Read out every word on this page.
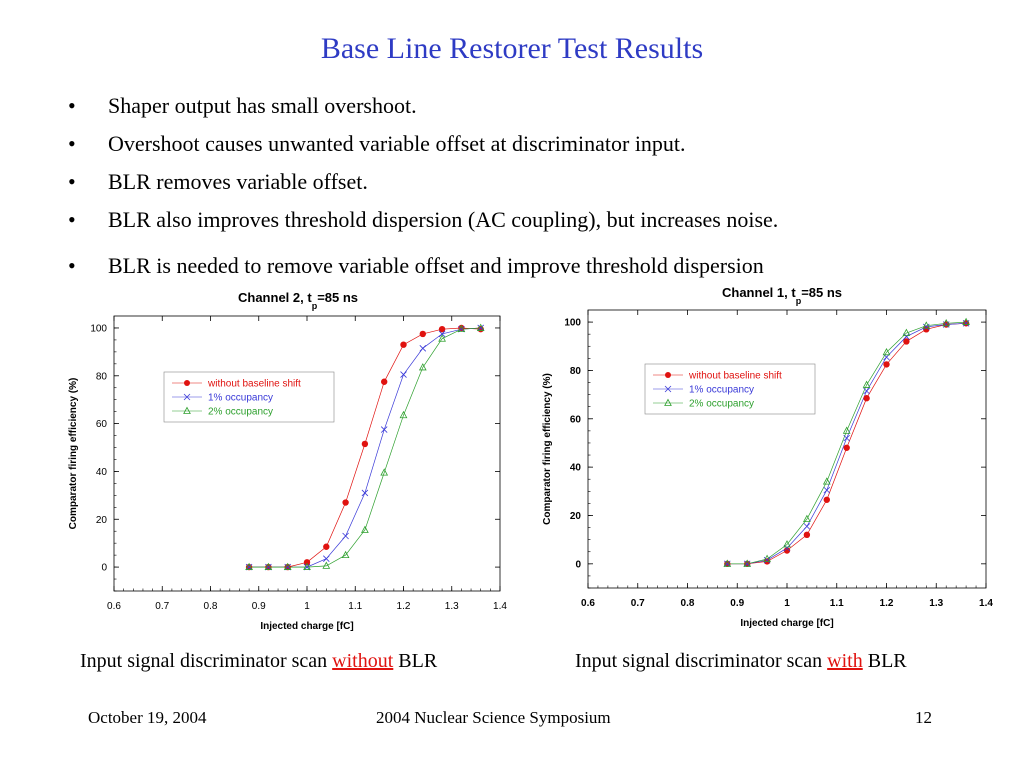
Base Line Restorer Test Results
• Shaper output has small overshoot.
• Overshoot causes unwanted variable offset at discriminator input.
• BLR removes variable offset.
• BLR also improves threshold dispersion (AC coupling), but increases noise.
• BLR is needed to remove variable offset and improve threshold dispersion
Channel 2, $t_p=85$ ns	Channel 1, $t_p=85$ ns
0.6	0.7	0.8	0.9	1	1.1	1.2	1.3	1.4
0
20
40
60
80
100
Injected charge [fC]
Comparator firing efficiency (%)	without baseline shift
1% occupancy
2% occupancy
0.6	0.7	0.8	0.9	1	1.1	1.2	1.3	1.4
0
20
40
60
80
100
Injected charge [fC]
Comparator firing efficiency (%)	without baseline shift
1% occupancy
2% occupancy
Input signal discriminator scan without BLR	Input signal discriminator scan with BLR
October 19, 2004	2004 Nuclear Science Symposium	12
